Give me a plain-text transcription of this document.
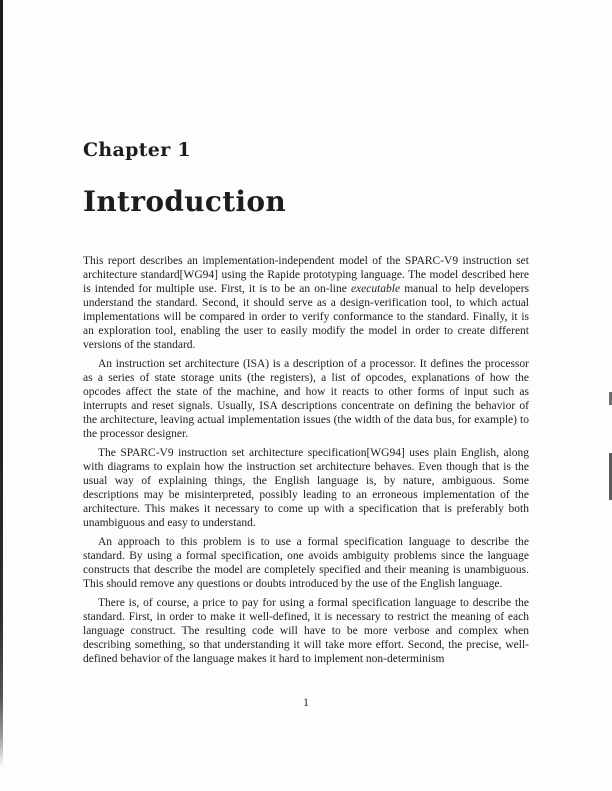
Chapter 1
Introduction

This report describes an implementation-independent model of the SPARC-V9 instruction set architecture standard[WG94] using the Rapide prototyping language. The model described here is intended for multiple use. First, it is to be an on-line executable manual to help developers understand the standard. Second, it should serve as a design-verification tool, to which actual implementations will be compared in order to verify conformance to the standard. Finally, it is an exploration tool, enabling the user to easily modify the model in order to create different versions of the standard.

An instruction set architecture (ISA) is a description of a processor. It defines the processor as a series of state storage units (the registers), a list of opcodes, explanations of how the opcodes affect the state of the machine, and how it reacts to other forms of input such as interrupts and reset signals. Usually, ISA descriptions concentrate on defining the behavior of the architecture, leaving actual implementation issues (the width of the data bus, for example) to the processor designer.

The SPARC-V9 instruction set architecture specification[WG94] uses plain English, along with diagrams to explain how the instruction set architecture behaves. Even though that is the usual way of explaining things, the English language is, by nature, ambiguous. Some descriptions may be misinterpreted, possibly leading to an erroneous implementation of the architecture. This makes it necessary to come up with a specification that is preferably both unambiguous and easy to understand.

An approach to this problem is to use a formal specification language to describe the standard. By using a formal specification, one avoids ambiguity problems since the language constructs that describe the model are completely specified and their meaning is unambiguous. This should remove any questions or doubts introduced by the use of the English language.

There is, of course, a price to pay for using a formal specification language to describe the standard. First, in order to make it well-defined, it is necessary to restrict the meaning of each language construct. The resulting code will have to be more verbose and complex when describing something, so that understanding it will take more effort. Second, the precise, well-defined behavior of the language makes it hard to implement non-determinism

1
